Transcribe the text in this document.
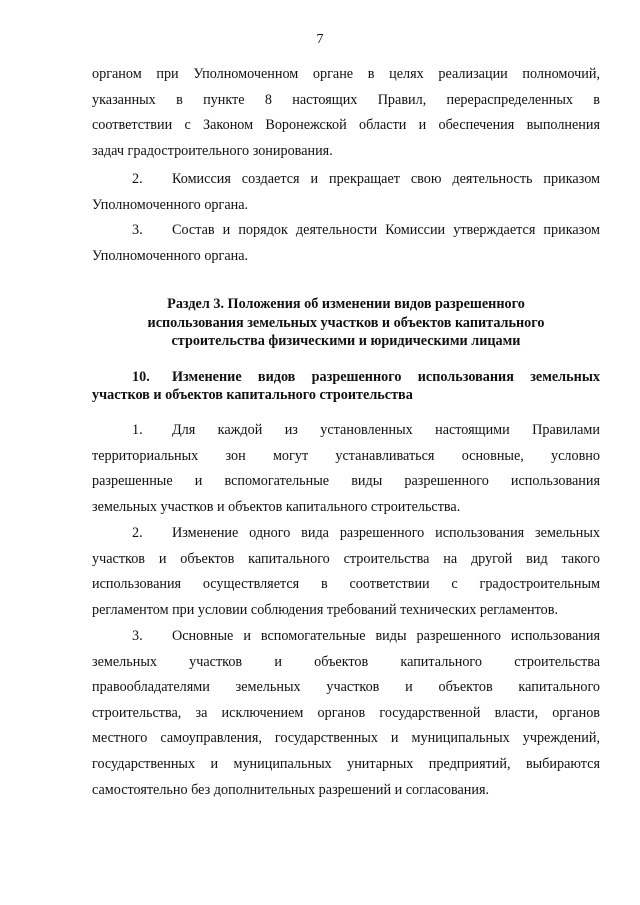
7
органом при Уполномоченном органе в целях реализации полномочий,
указанных в пункте 8 настоящих Правил, перераспределенных в
соответствии с Законом Воронежской области и обеспечения выполнения
задач градостроительного зонирования.
2. Комиссия создается и прекращает свою деятельность приказом
Уполномоченного органа.
3. Состав и порядок деятельности Комиссии утверждается приказом
Уполномоченного органа.
Раздел 3. Положения об изменении видов разрешенного
использования земельных участков и объектов капитального
строительства физическими и юридическими лицами
10. Изменение видов разрешенного использования земельных
участков и объектов капитального строительства
1. Для каждой из установленных настоящими Правилами
территориальных зон могут устанавливаться основные, условно
разрешенные и вспомогательные виды разрешенного использования
земельных участков и объектов капитального строительства.
2. Изменение одного вида разрешенного использования земельных
участков и объектов капитального строительства на другой вид такого
использования осуществляется в соответствии с градостроительным
регламентом при условии соблюдения требований технических регламентов.
3. Основные и вспомогательные виды разрешенного использования
земельных участков и объектов капитального строительства
правообладателями земельных участков и объектов капитального
строительства, за исключением органов государственной власти, органов
местного самоуправления, государственных и муниципальных учреждений,
государственных и муниципальных унитарных предприятий, выбираются
самостоятельно без дополнительных разрешений и согласования.
